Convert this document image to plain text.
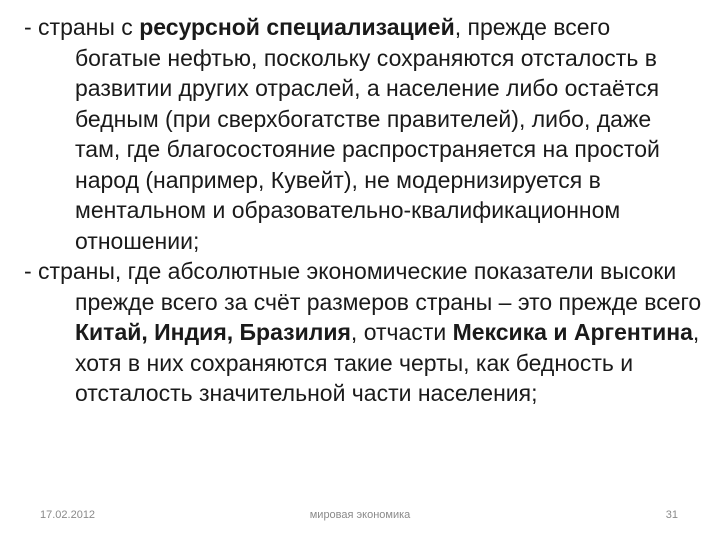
- страны с ресурсной специализацией, прежде всего богатые нефтью, поскольку сохраняются отсталость в развитии других отраслей, а население либо остаётся бедным (при сверхбогатстве правителей), либо, даже там, где благосостояние распространяется на простой народ (например, Кувейт), не модернизируется в ментальном и образовательно-квалификационном отношении;

- страны, где абсолютные экономические показатели высоки прежде всего за счёт размеров страны – это прежде всего Китай, Индия, Бразилия, отчасти Мексика и Аргентина, хотя в них сохраняются такие черты, как бедность и отсталость значительной части населения;

17.02.2012	мировая экономика	31
